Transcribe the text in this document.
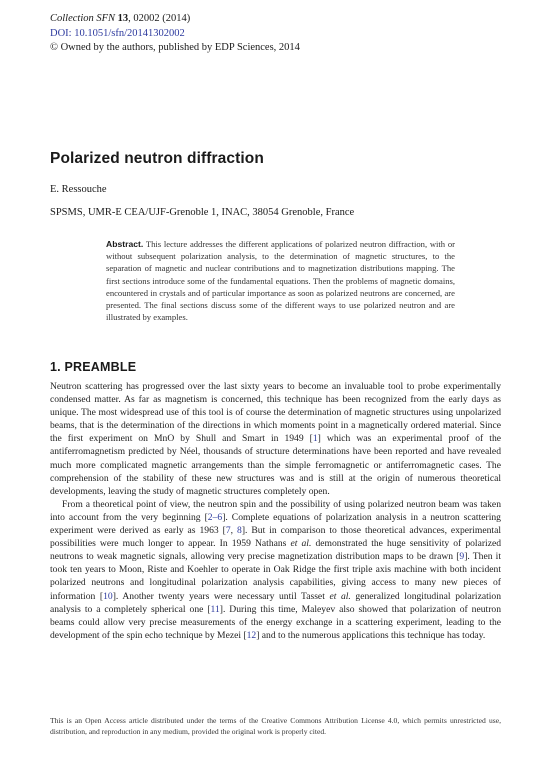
Collection SFN 13, 02002 (2014)
DOI: 10.1051/sfn/20141302002
© Owned by the authors, published by EDP Sciences, 2014
Polarized neutron diffraction
E. Ressouche
SPSMS, UMR-E CEA/UJF-Grenoble 1, INAC, 38054 Grenoble, France
Abstract. This lecture addresses the different applications of polarized neutron diffraction, with or without subsequent polarization analysis, to the determination of magnetic structures, to the separation of magnetic and nuclear contributions and to magnetization distributions mapping. The first sections introduce some of the fundamental equations. Then the problems of magnetic domains, encountered in crystals and of particular importance as soon as polarized neutrons are concerned, are presented. The final sections discuss some of the different ways to use polarized neutron and are illustrated by examples.
1. PREAMBLE

Neutron scattering has progressed over the last sixty years to become an invaluable tool to probe experimentally condensed matter. As far as magnetism is concerned, this technique has been recognized from the early days as unique. The most widespread use of this tool is of course the determination of magnetic structures using unpolarized beams, that is the determination of the directions in which moments point in a magnetically ordered material. Since the first experiment on MnO by Shull and Smart in 1949 [1] which was an experimental proof of the antiferromagnetism predicted by Néel, thousands of structure determinations have been reported and have revealed much more complicated magnetic arrangements than the simple ferromagnetic or antiferromagnetic cases. The comprehension of the stability of these new structures was and is still at the origin of numerous theoretical developments, leaving the study of magnetic structures completely open.

From a theoretical point of view, the neutron spin and the possibility of using polarized neutron beam was taken into account from the very beginning [2–6]. Complete equations of polarization analysis in a neutron scattering experiment were derived as early as 1963 [7, 8]. But in comparison to those theoretical advances, experimental possibilities were much longer to appear. In 1959 Nathans et al. demonstrated the huge sensitivity of polarized neutrons to weak magnetic signals, allowing very precise magnetization distribution maps to be drawn [9]. Then it took ten years to Moon, Riste and Koehler to operate in Oak Ridge the first triple axis machine with both incident polarized neutrons and longitudinal polarization analysis capabilities, giving access to many new pieces of information [10]. Another twenty years were necessary until Tasset et al. generalized longitudinal polarization analysis to a completely spherical one [11]. During this time, Maleyev also showed that polarization of neutron beams could allow very precise measurements of the energy exchange in a scattering experiment, leading to the development of the spin echo technique by Mezei [12] and to the numerous applications this technique has today.

This is an Open Access article distributed under the terms of the Creative Commons Attribution License 4.0, which permits unrestricted use, distribution, and reproduction in any medium, provided the original work is properly cited.
